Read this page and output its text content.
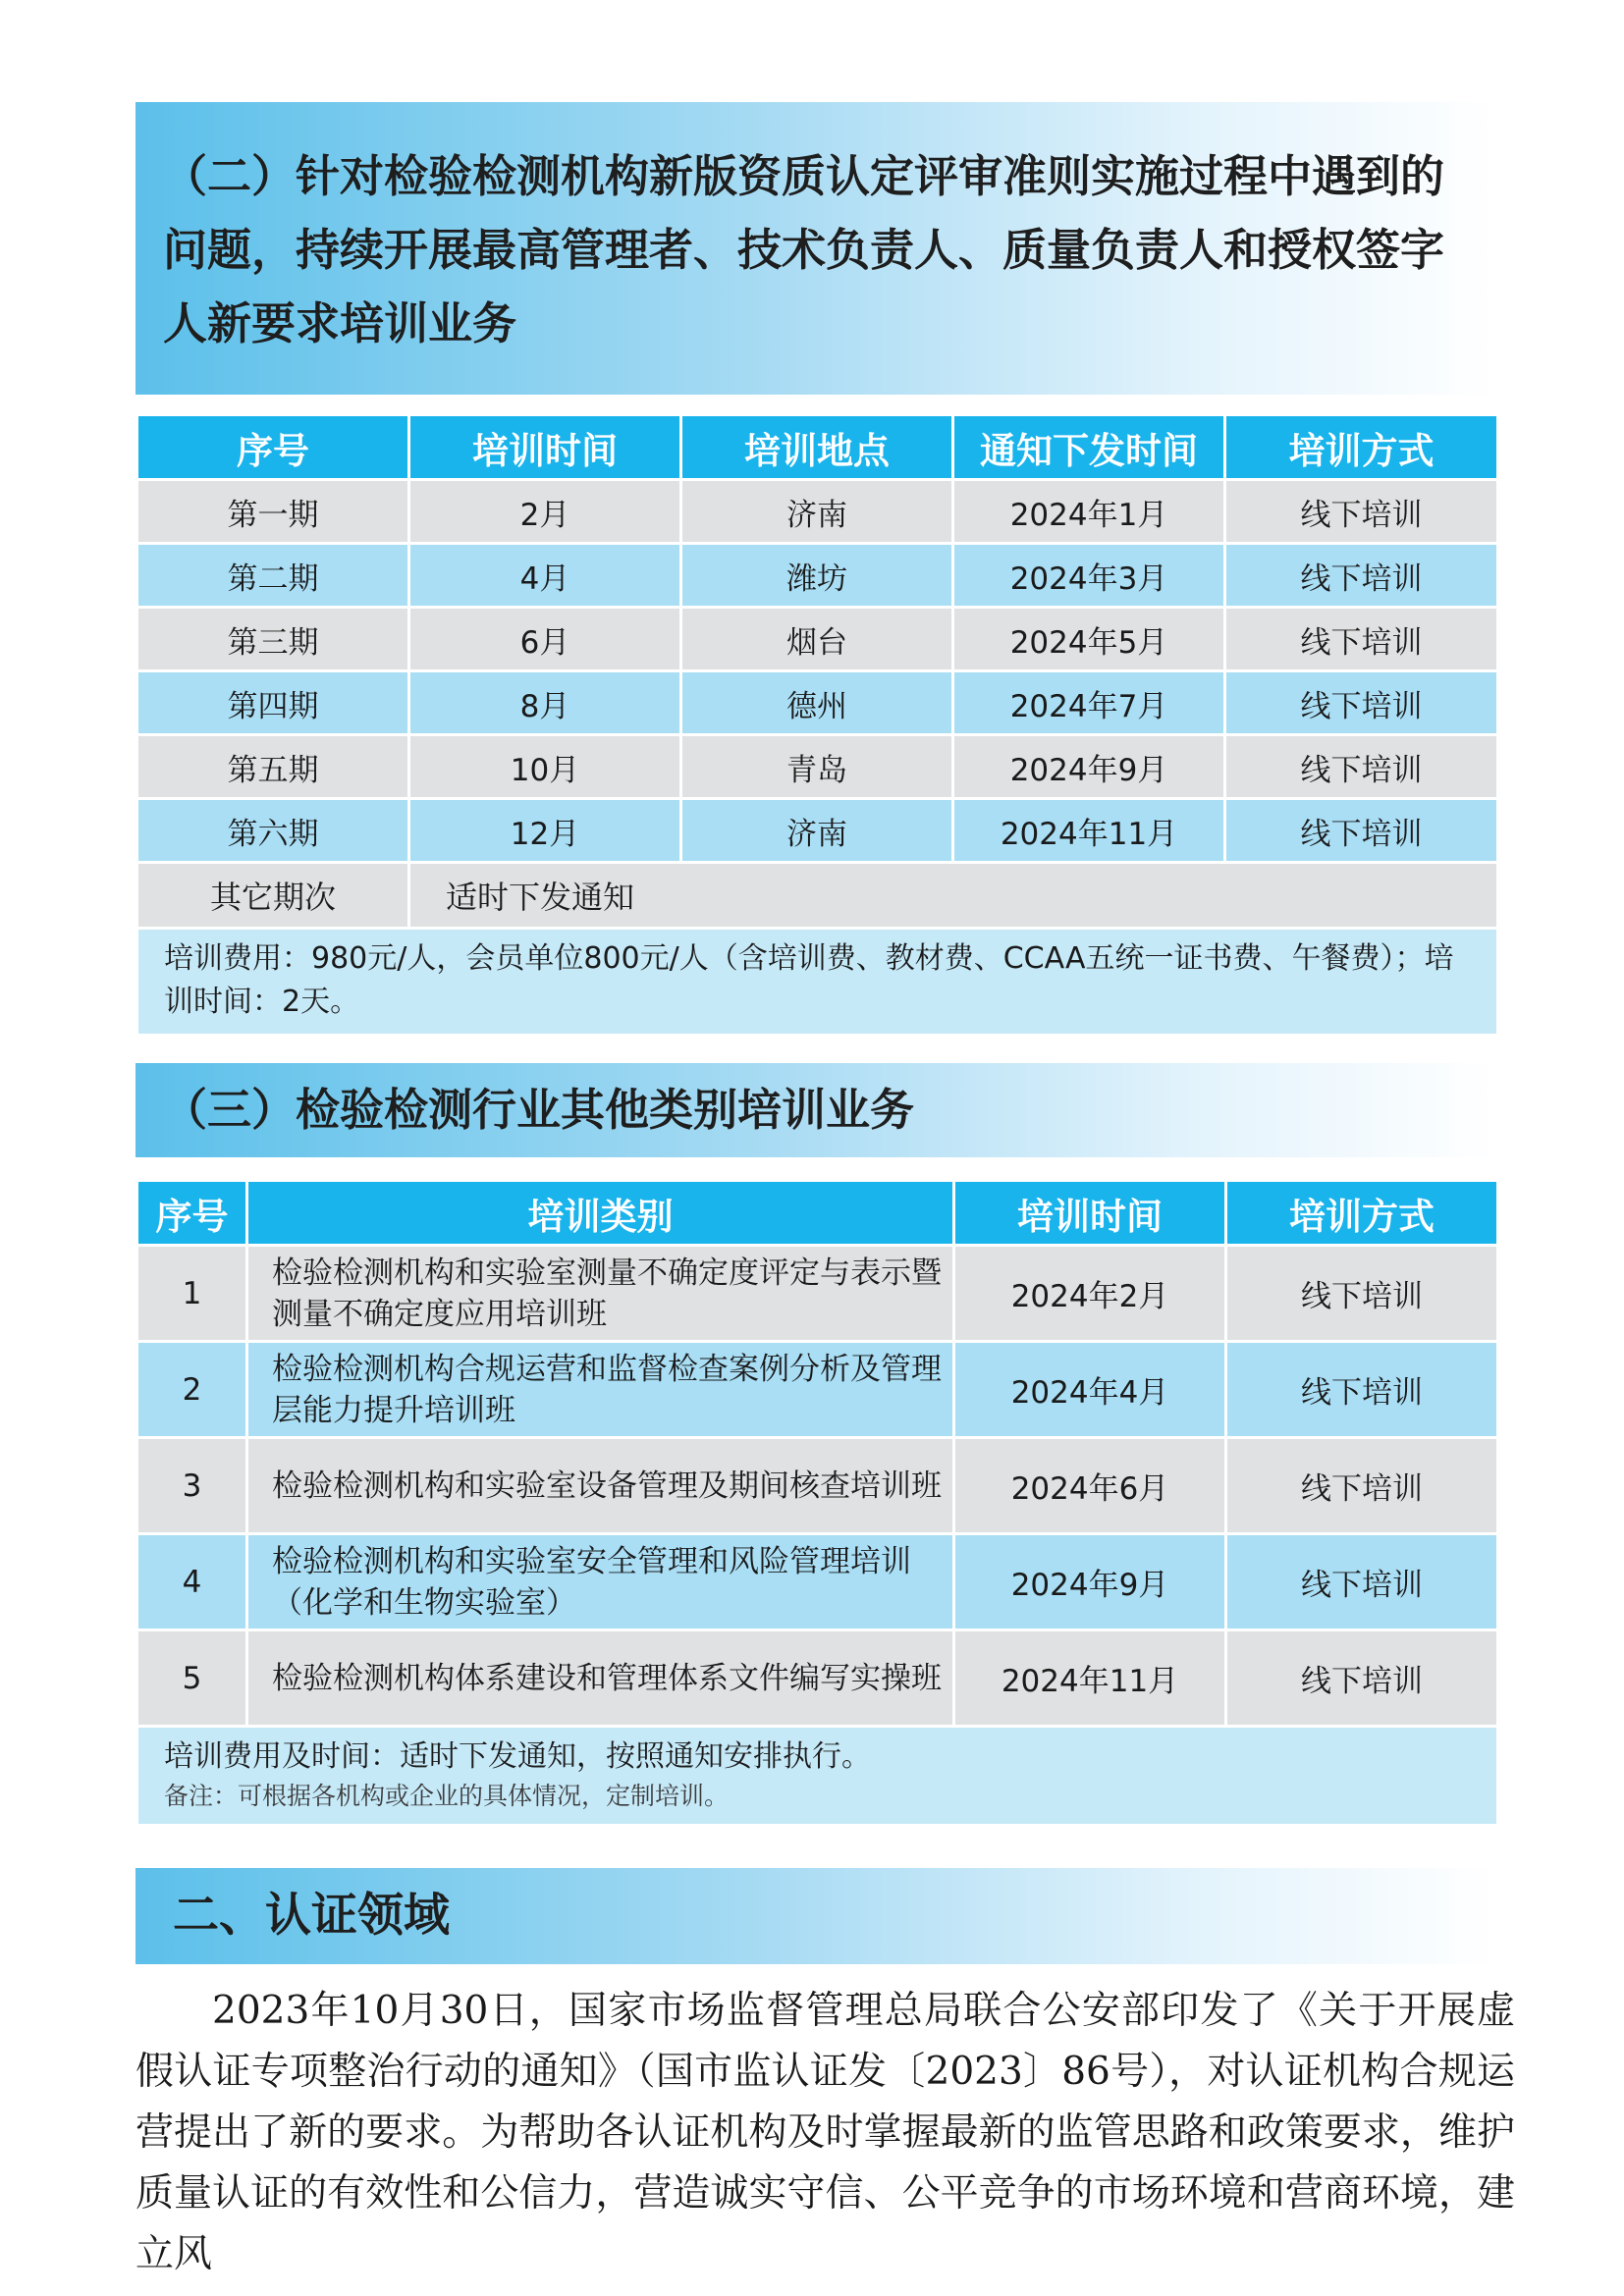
（二）针对检验检测机构新版资质认定评审准则实施过程中遇到的问题，持续开展最高管理者、技术负责人、质量负责人和授权签字人新要求培训业务
序号	培训时间	培训地点	通知下发时间	培训方式
第一期	2月	济南	2024年1月	线下培训
第二期	4月	潍坊	2024年3月	线下培训
第三期	6月	烟台	2024年5月	线下培训
第四期	8月	德州	2024年7月	线下培训
第五期	10月	青岛	2024年9月	线下培训
第六期	12月	济南	2024年11月	线下培训
其它期次	适时下发通知			
培训费用：980元/人，会员单位800元/人（含培训费、教材费、CCAA五统一证书费、午餐费）；培训时间：2天。				
（三）检验检测行业其他类别培训业务
序号	培训类别	培训时间	培训方式
1	检验检测机构和实验室测量不确定度评定与表示暨测量不确定度应用培训班	2024年2月	线下培训
2	检验检测机构合规运营和监督检查案例分析及管理层能力提升培训班	2024年4月	线下培训
3	检验检测机构和实验室设备管理及期间核查培训班	2024年6月	线下培训
4	检验检测机构和实验室安全管理和风险管理培训（化学和生物实验室）	2024年9月	线下培训
5	检验检测机构体系建设和管理体系文件编写实操班	2024年11月	线下培训
培训费用及时间：适时下发通知，按照通知安排执行。
备注：可根据各机构或企业的具体情况，定制培训。			
二、认证领域

2023年10月30日，国家市场监督管理总局联合公安部印发了《关于开展虚假认证专项整治行动的通知》（国市监认证发〔2023〕86号），对认证机构合规运营提出了新的要求。为帮助各认证机构及时掌握最新的监管思路和政策要求，维护质量认证的有效性和公信力，营造诚实守信、公平竞争的市场环境和营商环境，建立风
